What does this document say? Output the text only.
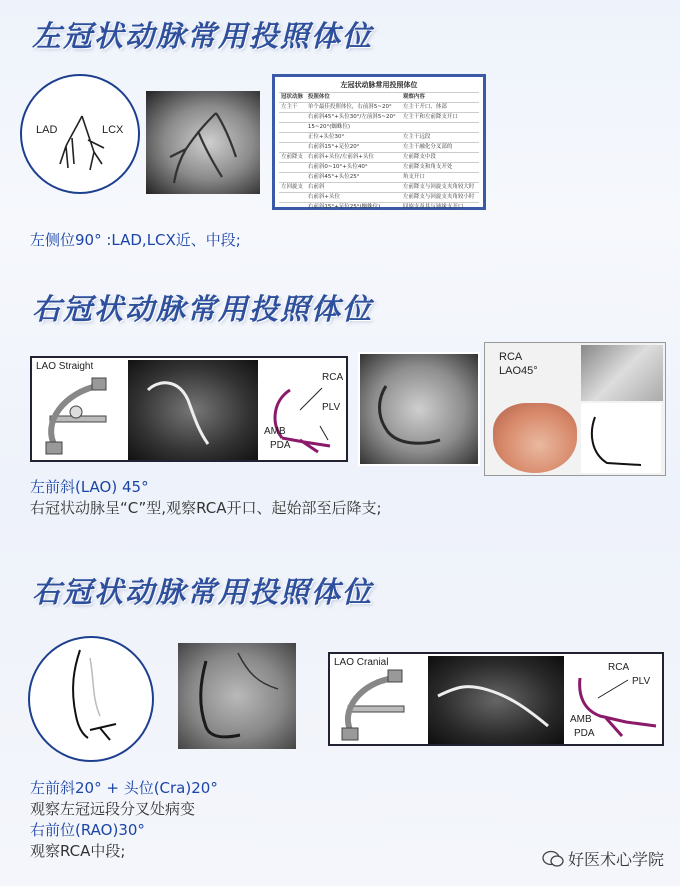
左冠状动脉常用投照体位
LAD	LCX
左冠状动脉常用投照体位
冠状动脉	投照体位	观察内容
左主干	单个最佳投照体位，右前斜5~20°	左主干开口、体部
	右前斜45°+头位30°/左前斜5~20°	左主干和左前降支开口
	15~20°(蜘蛛位)	
	正位+头位30°	左主干远段
	右前斜15°+足位20°	左主干融化分叉部的
左前降支	右前斜+头位/左前斜+头位	左前降支中段
	右前斜0~10°+头位40°	左前降支和角支开处
	右前斜45°+头位25°	角支开口
左回旋支	右前斜	左前降支与回旋支夹角较大时
	右前斜+头位	左前降支与回旋支夹角较小时
	右前斜15°+足位25°(蜘蛛位)	回旋支及其与钝缘支开口
左侧位90° :LAD,LCX近、中段;
右冠状动脉常用投照体位
LAO Straight
RCA
PLV
AMB
PDA
RCA
LAO45°
左前斜(LAO) 45°
右冠状动脉呈“C”型,观察RCA开口、起始部至后降支;
右冠状动脉常用投照体位
LAO Cranial	RCA
PLV
AMB
PDA
左前斜20° + 头位(Cra)20°
观察左冠远段分叉处病变
右前位(RAO)30°
观察RCA中段;	好医术心学院
